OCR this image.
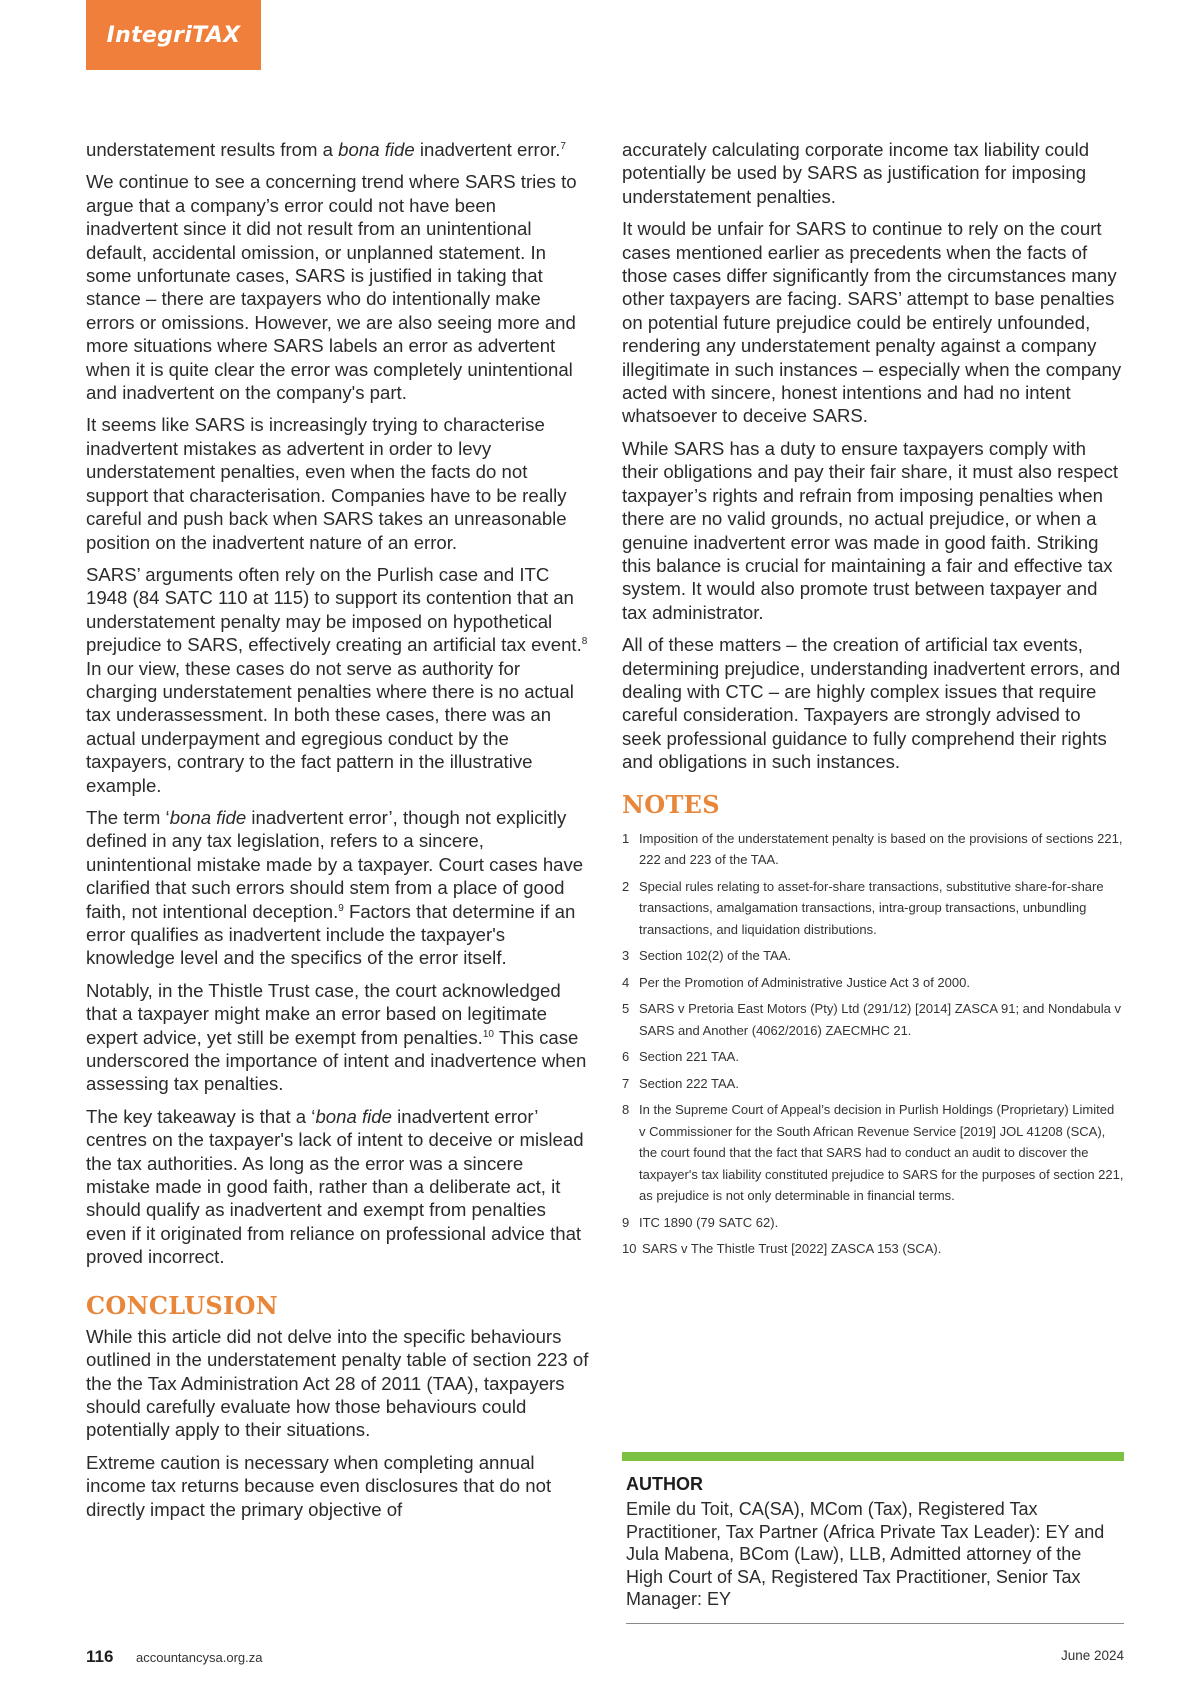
IntegriTAX

understatement results from a bona fide inadvertent error.$^7$

We continue to see a concerning trend where SARS tries to argue that a company’s error could not have been inadvertent since it did not result from an unintentional default, accidental omission, or unplanned statement. In some unfortunate cases, SARS is justified in taking that stance – there are taxpayers who do intentionally make errors or omissions. However, we are also seeing more and more situations where SARS labels an error as advertent when it is quite clear the error was completely unintentional and inadvertent on the company's part.

It seems like SARS is increasingly trying to characterise inadvertent mistakes as advertent in order to levy understatement penalties, even when the facts do not support that characterisation. Companies have to be really careful and push back when SARS takes an unreasonable position on the inadvertent nature of an error.

SARS’ arguments often rely on the Purlish case and ITC 1948 (84 SATC 110 at 115) to support its contention that an understatement penalty may be imposed on hypothetical prejudice to SARS, effectively creating an artificial tax event.$^8$ In our view, these cases do not serve as authority for charging understatement penalties where there is no actual tax underassessment. In both these cases, there was an actual underpayment and egregious conduct by the taxpayers, contrary to the fact pattern in the illustrative example.

The term ‘bona fide inadvertent error’, though not explicitly defined in any tax legislation, refers to a sincere, unintentional mistake made by a taxpayer. Court cases have clarified that such errors should stem from a place of good faith, not intentional deception.$^9$ Factors that determine if an error qualifies as inadvertent include the taxpayer's knowledge level and the specifics of the error itself.

Notably, in the Thistle Trust case, the court acknowledged that a taxpayer might make an error based on legitimate expert advice, yet still be exempt from penalties.$^{10}$ This case underscored the importance of intent and inadvertence when assessing tax penalties.

The key takeaway is that a ‘bona fide inadvertent error’ centres on the taxpayer's lack of intent to deceive or mislead the tax authorities. As long as the error was a sincere mistake made in good faith, rather than a deliberate act, it should qualify as inadvertent and exempt from penalties even if it originated from reliance on professional advice that proved incorrect.

CONCLUSION

While this article did not delve into the specific behaviours outlined in the understatement penalty table of section 223 of the the Tax Administration Act 28 of 2011 (TAA), taxpayers should carefully evaluate how those behaviours could potentially apply to their situations.

Extreme caution is necessary when completing annual income tax returns because even disclosures that do not directly impact the primary objective of

accurately calculating corporate income tax liability could potentially be used by SARS as justification for imposing understatement penalties.

It would be unfair for SARS to continue to rely on the court cases mentioned earlier as precedents when the facts of those cases differ significantly from the circumstances many other taxpayers are facing. SARS’ attempt to base penalties on potential future prejudice could be entirely unfounded, rendering any understatement penalty against a company illegitimate in such instances – especially when the company acted with sincere, honest intentions and had no intent whatsoever to deceive SARS.

While SARS has a duty to ensure taxpayers comply with their obligations and pay their fair share, it must also respect taxpayer’s rights and refrain from imposing penalties when there are no valid grounds, no actual prejudice, or when a genuine inadvertent error was made in good faith. Striking this balance is crucial for maintaining a fair and effective tax system. It would also promote trust between taxpayer and tax administrator.

All of these matters – the creation of artificial tax events, determining prejudice, understanding inadvertent errors, and dealing with CTC – are highly complex issues that require careful consideration. Taxpayers are strongly advised to seek professional guidance to fully comprehend their rights and obligations in such instances.

NOTES
1 Imposition of the understatement penalty is based on the provisions of sections 221, 222 and 223 of the TAA.
2 Special rules relating to asset-for-share transactions, substitutive share-for-share transactions, amalgamation transactions, intra-group transactions, unbundling transactions, and liquidation distributions.
3 Section 102(2) of the TAA.
4 Per the Promotion of Administrative Justice Act 3 of 2000.
5 SARS v Pretoria East Motors (Pty) Ltd (291/12) [2014] ZASCA 91; and Nondabula v SARS and Another (4062/2016) ZAECMHC 21.
6 Section 221 TAA.
7 Section 222 TAA.
8 In the Supreme Court of Appeal’s decision in Purlish Holdings (Proprietary) Limited v Commissioner for the South African Revenue Service [2019] JOL 41208 (SCA), the court found that the fact that SARS had to conduct an audit to discover the taxpayer's tax liability constituted prejudice to SARS for the purposes of section 221, as prejudice is not only determinable in financial terms.
9 ITC 1890 (79 SATC 62).
10 SARS v The Thistle Trust [2022] ZASCA 153 (SCA).
AUTHOR
Emile du Toit, CA(SA), MCom (Tax), Registered Tax Practitioner, Tax Partner (Africa Private Tax Leader): EY and Jula Mabena, BCom (Law), LLB, Admitted attorney of the High Court of SA, Registered Tax Practitioner, Senior Tax Manager: EY
116 accountancysa.org.za	June 2024
